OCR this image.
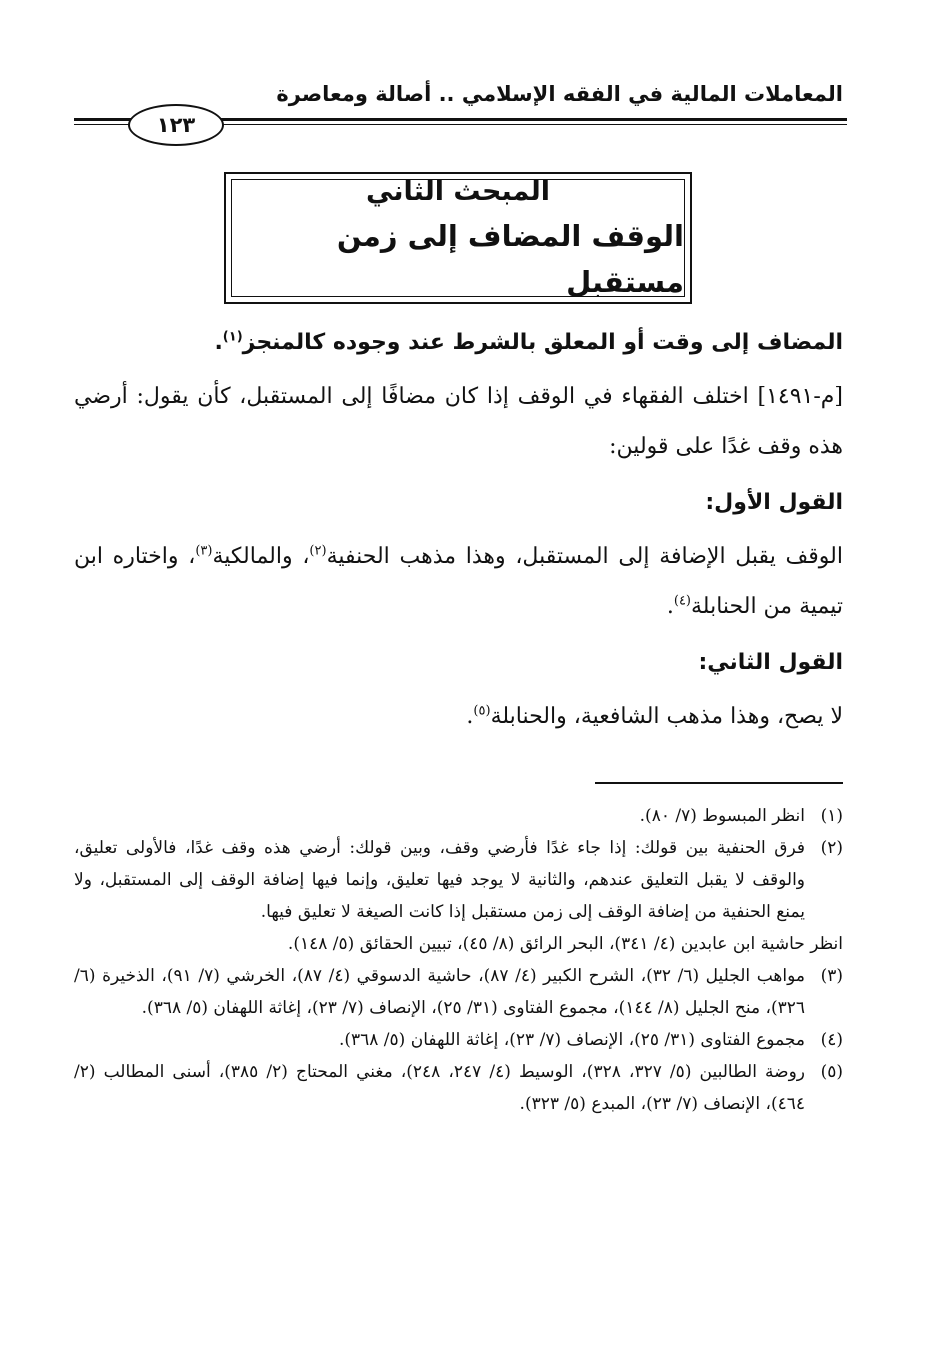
المعاملات المالية في الفقه الإسلامي .. أصالة ومعاصرة
١٢٣
المبحث الثاني
الوقف المضاف إلى زمن مستقبل

المضاف إلى وقت أو المعلق بالشرط عند وجوده كالمنجز$^{(١)}$.

[م-١٤٩١] اختلف الفقهاء في الوقف إذا كان مضافًا إلى المستقبل، كأن يقول: أرضي هذه وقف غدًا على قولين:

القول الأول:

الوقف يقبل الإضافة إلى المستقبل، وهذا مذهب الحنفية$^{(٢)}$، والمالكية$^{(٣)}$، واختاره ابن تيمية من الحنابلة$^{(٤)}$.

القول الثاني:

لا يصح، وهذا مذهب الشافعية، والحنابلة$^{(٥)}$.

(١)
انظر المبسوط (٧/ ٨٠).

(٢)
فرق الحنفية بين قولك: إذا جاء غدًا فأرضي وقف، وبين قولك: أرضي هذه وقف غدًا، فالأولى تعليق، والوقف لا يقبل التعليق عندهم، والثانية لا يوجد فيها تعليق، وإنما فيها إضافة الوقف إلى المستقبل، ولا يمنع الحنفية من إضافة الوقف إلى زمن مستقبل إذا كانت الصيغة لا تعليق فيها.

انظر حاشية ابن عابدين (٤/ ٣٤١)، البحر الرائق (٨/ ٤٥)، تبيين الحقائق (٥/ ١٤٨).

(٣)
مواهب الجليل (٦/ ٣٢)، الشرح الكبير (٤/ ٨٧)، حاشية الدسوقي (٤/ ٨٧)، الخرشي (٧/ ٩١)، الذخيرة (٦/ ٣٢٦)، منح الجليل (٨/ ١٤٤)، مجموع الفتاوى (٣١/ ٢٥)، الإنصاف (٧/ ٢٣)، إغاثة اللهفان (٥/ ٣٦٨).

(٤)
مجموع الفتاوى (٣١/ ٢٥)، الإنصاف (٧/ ٢٣)، إغاثة اللهفان (٥/ ٣٦٨).

(٥)
روضة الطالبين (٥/ ٣٢٧، ٣٢٨)، الوسيط (٤/ ٢٤٧، ٢٤٨)، مغني المحتاج (٢/ ٣٨٥)، أسنى المطالب (٢/ ٤٦٤)، الإنصاف (٧/ ٢٣)، المبدع (٥/ ٣٢٣).
